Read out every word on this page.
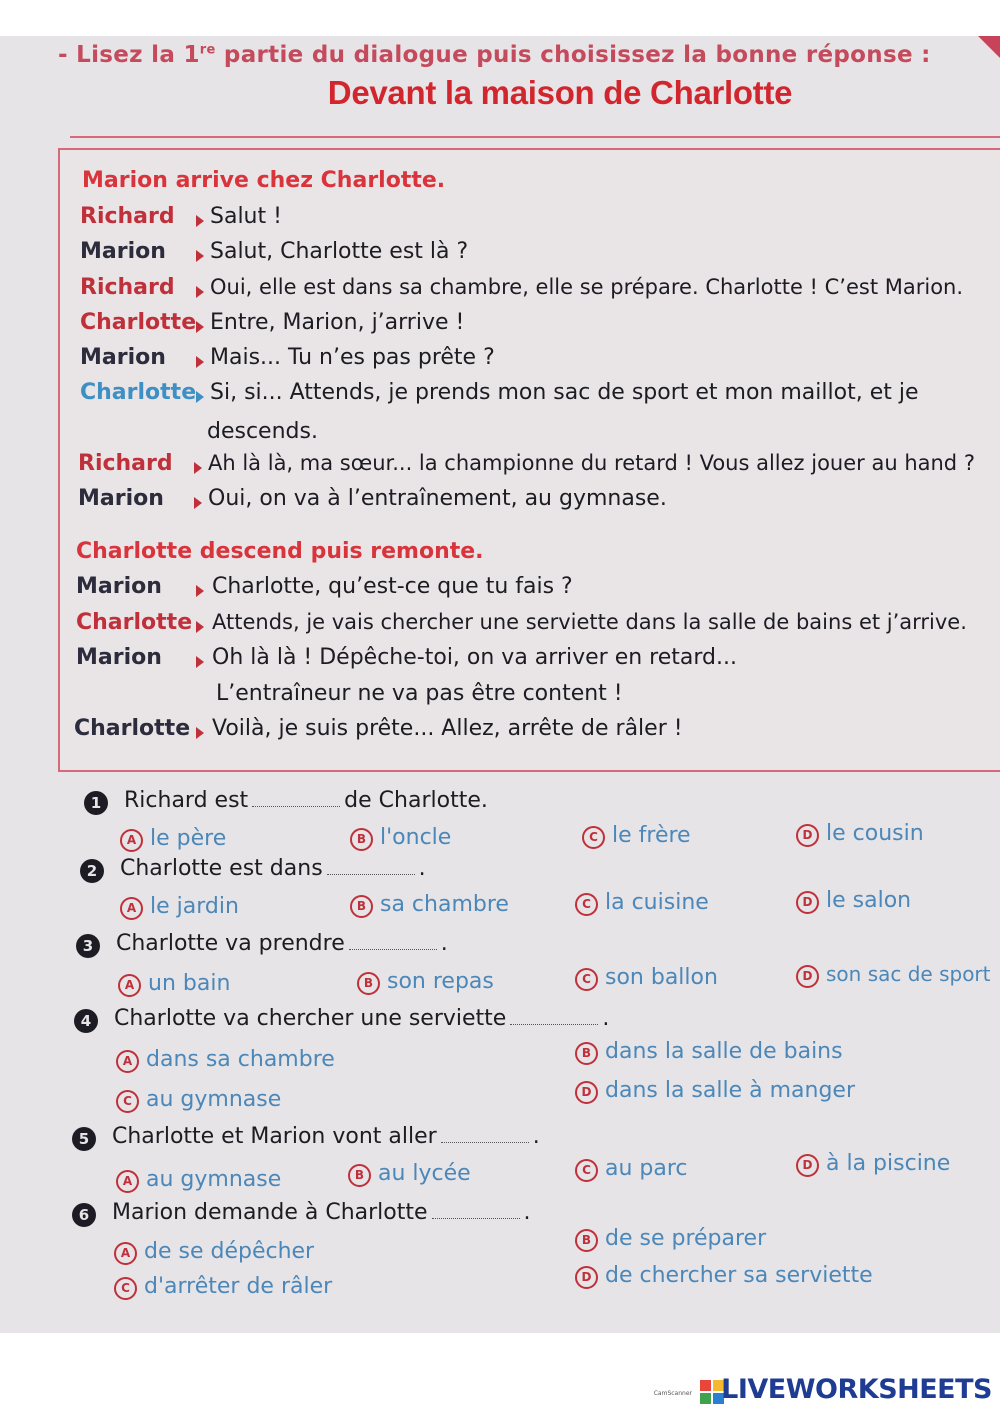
- Lisez la 1re partie du dialogue puis choisissez la bonne réponse :
Devant la maison de Charlotte
Marion arrive chez Charlotte.
Richard Salut !
Marion Salut, Charlotte est là ?
Richard Oui, elle est dans sa chambre, elle se prépare. Charlotte ! C’est Marion.
Charlotte Entre, Marion, j’arrive !
Marion Mais... Tu n’es pas prête ?
Charlotte Si, si... Attends, je prends mon sac de sport et mon maillot, et je
descends.
Richard Ah là là, ma sœur... la championne du retard ! Vous allez jouer au hand ?
Marion Oui, on va à l’entraînement, au gymnase.
Charlotte descend puis remonte.
Marion Charlotte, qu’est-ce que tu fais ?
Charlotte Attends, je vais chercher une serviette dans la salle de bains et j’arrive.
Marion Oh là là ! Dépêche-toi, on va arriver en retard...
L’entraîneur ne va pas être content !
Charlotte Voilà, je suis prête... Allez, arrête de râler !
1	Richard est	de Charlotte.
A le père	B l'oncle	C le frère	D le cousin
2	Charlotte est dans	.
A le jardin	B sa chambre	C la cuisine	D le salon
3	Charlotte va prendre	.
A un bain	B son repas	C son ballon	D son sac de sport
4	Charlotte va chercher une serviette	.
A dans sa chambre	B dans la salle de bains
C au gymnase	D dans la salle à manger
5	Charlotte et Marion vont aller	.
A au gymnase	B au lycée	C au parc	D à la piscine
6	Marion demande à Charlotte	.
A de se dépêcher	B de se préparer
C d'arrêter de râler	D de chercher sa serviette
CamScanner LIVEWORKSHEETS
